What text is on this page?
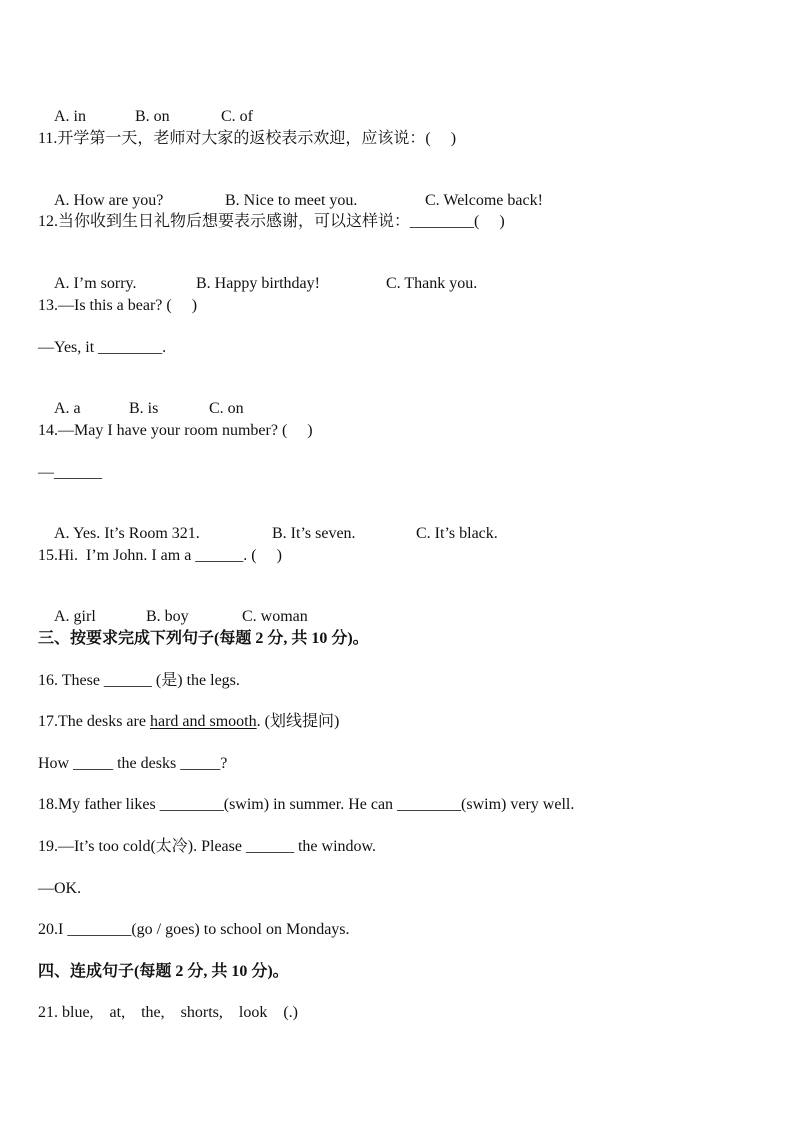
A. in	B. on	C. of

11.开学第一天，老师对大家的返校表示欢迎，应该说：(  )

A. How are you?	B. Nice to meet you.	C. Welcome back!

12.当你收到生日礼物后想要表示感谢，可以这样说：________(  )

A. I’m sorry.	B. Happy birthday!	C. Thank you.

13.—Is this a bear? (  )
—Yes, it ________.

A. a	B. is	C. on

14.—May I have your room number? (  )
—______

A. Yes. It’s Room 321.	B. It’s seven.	C. It’s black.

15.Hi.  I’m John. I am a ______. (  )

A. girl	B. boy	C. woman

三、按要求完成下列句子(每题 2 分, 共 10 分)。
16. These ______ (是) the legs.
17.The desks are hard and smooth. (划线提问)
How _____ the desks _____?
18.My father likes ________(swim) in summer. He can ________(swim) very well.
19.—It’s too cold(太冷). Please ______ the window.
—OK.
20.I ________(go / goes) to school on Mondays.
四、连成句子(每题 2 分, 共 10 分)。
21. blue,    at,    the,    shorts,    look    (.)
